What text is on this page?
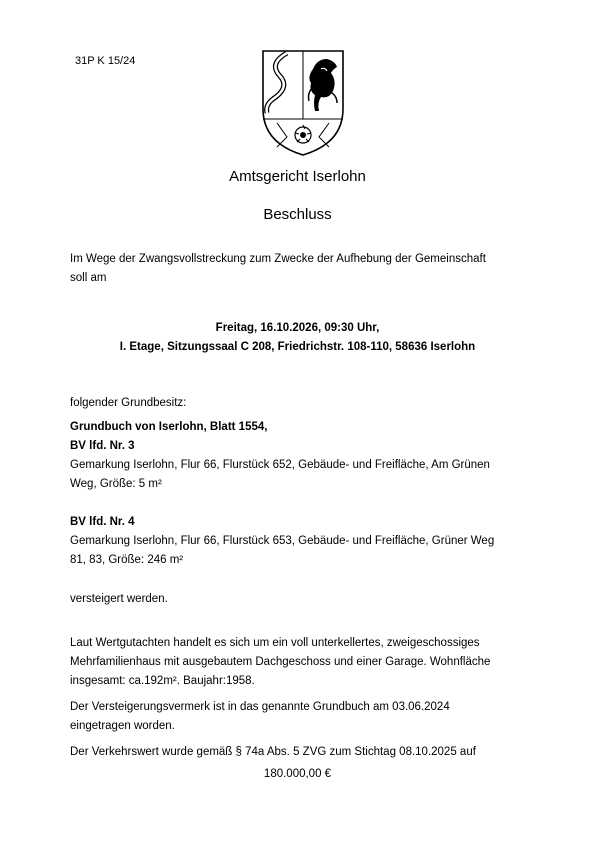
31P K 15/24
Amtsgericht Iserlohn
Beschluss
Im Wege der Zwangsvollstreckung zum Zwecke der Aufhebung der Gemeinschaft
soll am
Freitag, 16.10.2026, 09:30 Uhr,
I. Etage, Sitzungssaal C 208, Friedrichstr. 108-110, 58636 Iserlohn
folgender Grundbesitz:
Grundbuch von Iserlohn, Blatt 1554,
BV lfd. Nr. 3
Gemarkung Iserlohn, Flur 66, Flurstück 652, Gebäude- und Freifläche, Am Grünen
Weg, Größe: 5 m²
BV lfd. Nr. 4
Gemarkung Iserlohn, Flur 66, Flurstück 653, Gebäude- und Freifläche, Grüner Weg
81, 83, Größe: 246 m²
versteigert werden.
Laut Wertgutachten handelt es sich um ein voll unterkellertes, zweigeschossiges
Mehrfamilienhaus mit ausgebautem Dachgeschoss und einer Garage. Wohnfläche
insgesamt: ca.192m². Baujahr:1958.
Der Versteigerungsvermerk ist in das genannte Grundbuch am 03.06.2024
eingetragen worden.
Der Verkehrswert wurde gemäß § 74a Abs. 5 ZVG zum Stichtag 08.10.2025 auf
180.000,00 €
